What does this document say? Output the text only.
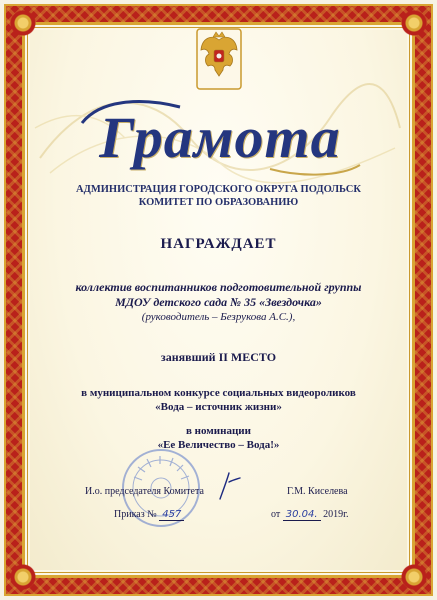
Грамота
АДМИНИСТРАЦИЯ ГОРОДСКОГО ОКРУГА ПОДОЛЬСК
КОМИТЕТ ПО ОБРАЗОВАНИЮ
НАГРАЖДАЕТ
коллектив воспитанников подготовительной группы
МДОУ детского сада № 35 «Звездочка»
(руководитель – Безрукова А.С.),
занявший II МЕСТО
в муниципальном конкурсе социальных видеороликов
«Вода – источник жизни»
в номинации
«Ее Величество – Вода!»
И.о. председателя Комитета	Г.М. Киселева
Приказ № 457	от 30.04. 2019г.
